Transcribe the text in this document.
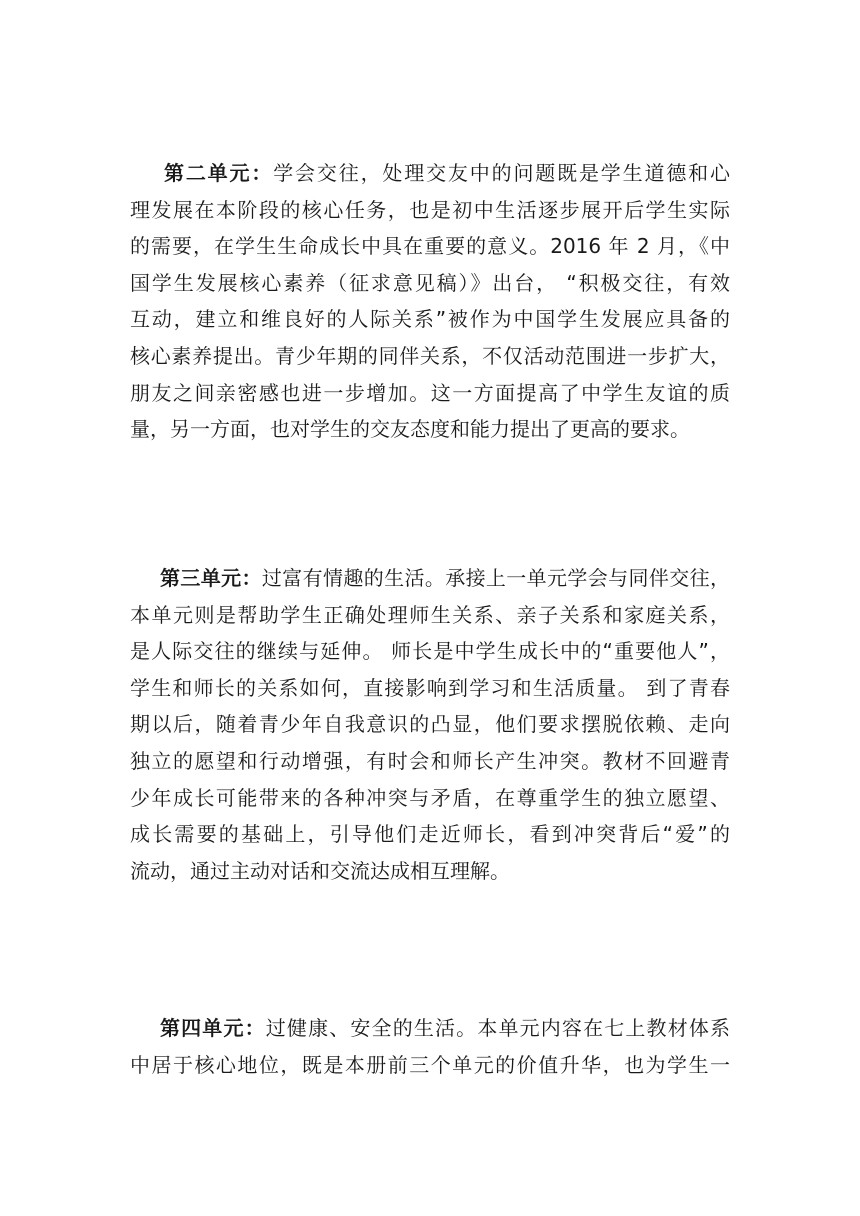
第二单元：学会交往，处理交友中的问题既是学生道德和心
理发展在本阶段的核心任务，也是初中生活逐步展开后学生实际
的需要，在学生生命成长中具在重要的意义。2016 年 2 月，《中
国学生发展核心素养（征求意见稿）》出台， “积极交往，有效
互动，建立和维良好的人际关系”被作为中国学生发展应具备的
核心素养提出。青少年期的同伴关系，不仅活动范围进一步扩大，
朋友之间亲密感也进一步增加。这一方面提高了中学生友谊的质
量，另一方面，也对学生的交友态度和能力提出了更高的要求。
第三单元：过富有情趣的生活。承接上一单元学会与同伴交往，
本单元则是帮助学生正确处理师生关系、亲子关系和家庭关系，
是人际交往的继续与延伸。 师长是中学生成长中的“重要他人”，
学生和师长的关系如何，直接影响到学习和生活质量。 到了青春
期以后，随着青少年自我意识的凸显，他们要求摆脱依赖、走向
独立的愿望和行动增强，有时会和师长产生冲突。教材不回避青
少年成长可能带来的各种冲突与矛盾，在尊重学生的独立愿望、
成长需要的基础上，引导他们走近师长，看到冲突背后“爱”的
流动，通过主动对话和交流达成相互理解。
第四单元：过健康、安全的生活。本单元内容在七上教材体系
中居于核心地位，既是本册前三个单元的价值升华，也为学生一
